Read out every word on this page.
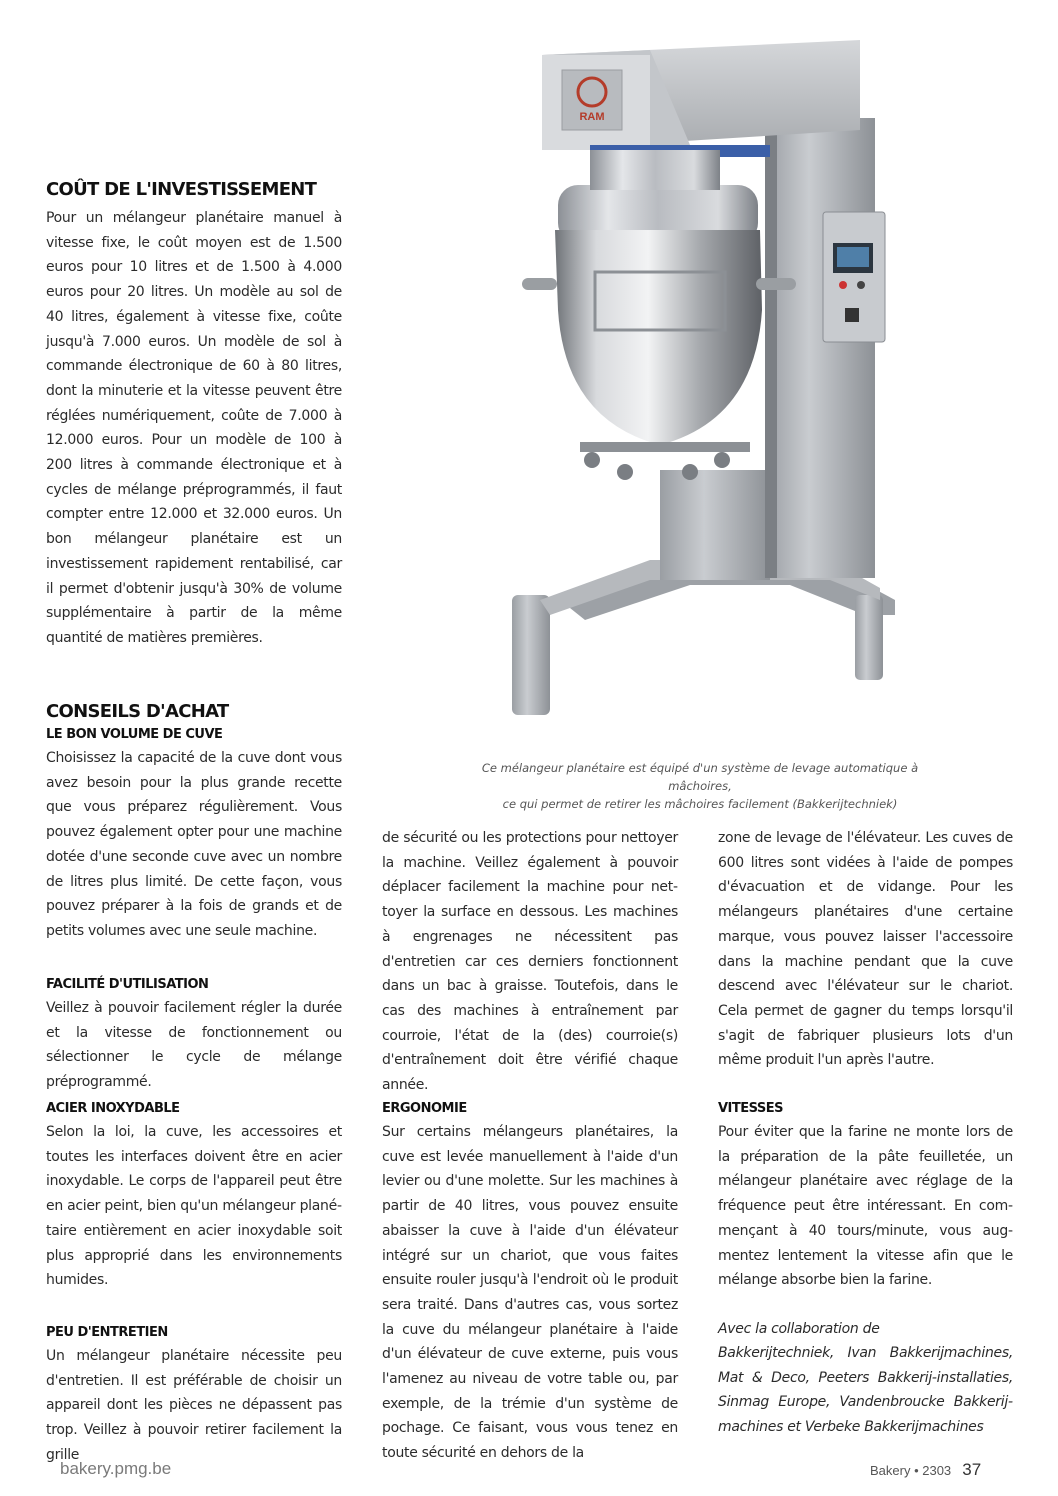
COÛT DE L'INVESTISSEMENT

Pour un mélangeur planétaire manuel à vitesse fixe, le coût moyen est de 1.500 euros pour 10 litres et de 1.500 à 4.000 euros pour 20 litres. Un modèle au sol de 40 litres, également à vitesse fixe, coûte jusqu'à 7.000 euros. Un modèle de sol à commande électronique de 60 à 80 litres, dont la minuterie et la vitesse peuvent être réglées numériquement, coûte de 7.000 à 12.000 euros. Pour un modèle de 100 à 200 litres à commande électronique et à cycles de mélange préprogrammés, il faut compter entre 12.000 et 32.000 euros. Un bon mélangeur planétaire est un investissement rapidement rentabilisé, car il permet d'obtenir jusqu'à 30% de volume supplémentaire à partir de la même quantité de matières premières.

CONSEILS D'ACHAT
LE BON VOLUME DE CUVE

Choisissez la capacité de la cuve dont vous avez besoin pour la plus grande recette que vous préparez régulièrement. Vous pouvez également opter pour une machine dotée d'une seconde cuve avec un nombre de litres plus limité. De cette façon, vous pouvez préparer à la fois de grands et de petits volumes avec une seule machine.

FACILITÉ D'UTILISATION

Veillez à pouvoir facilement régler la durée et la vitesse de fonctionnement ou sélectionner le cycle de mélange préprogrammé.

ACIER INOXYDABLE

Selon la loi, la cuve, les accessoires et toutes les interfaces doivent être en acier inoxydable. Le corps de l'appareil peut être en acier peint, bien qu'un mélangeur planétaire entièrement en acier inoxydable soit plus approprié dans les environnements humides.

PEU D'ENTRETIEN

Un mélangeur planétaire nécessite peu d'entretien. Il est préférable de choisir un appareil dont les pièces ne dépassent pas trop. Veillez à pouvoir retirer facilement la grille

de sécurité ou les protections pour nettoyer la machine. Veillez également à pouvoir déplacer facilement la machine pour nettoyer la surface en dessous. Les machines à engrenages ne nécessitent pas d'entretien car ces derniers fonctionnent dans un bac à graisse. Toutefois, dans le cas des machines à entraînement par courroie, l'état de la (des) courroie(s) d'entraînement doit être vérifié chaque année.

ERGONOMIE

Sur certains mélangeurs planétaires, la cuve est levée manuellement à l'aide d'un levier ou d'une molette. Sur les machines à partir de 40 litres, vous pouvez ensuite abaisser la cuve à l'aide d'un élévateur intégré sur un chariot, que vous faites ensuite rouler jusqu'à l'endroit où le produit sera traité. Dans d'autres cas, vous sortez la cuve du mélangeur planétaire à l'aide d'un élévateur de cuve externe, puis vous l'amenez au niveau de votre table ou, par exemple, de la trémie d'un système de pochage. Ce faisant, vous vous tenez en toute sécurité en dehors de la

zone de levage de l'élévateur. Les cuves de 600 litres sont vidées à l'aide de pompes d'évacuation et de vidange. Pour les mélangeurs planétaires d'une certaine marque, vous pouvez laisser l'accessoire dans la machine pendant que la cuve descend avec l'élévateur sur le chariot. Cela permet de gagner du temps lorsqu'il s'agit de fabriquer plusieurs lots d'un même produit l'un après l'autre.

VITESSES

Pour éviter que la farine ne monte lors de la préparation de la pâte feuilletée, un mélangeur planétaire avec réglage de la fréquence peut être intéressant. En commençant à 40 tours/minute, vous augmentez lentement la vitesse afin que le mélange absorbe bien la farine.

Avec la collaboration de

Bakkerijtechniek, Ivan Bakkerijmachines, Mat & Deco, Peeters Bakkerij-installaties, Sinmag Europe, Vandenbroucke Bakkerijmachines et Verbeke Bakkerijmachines

RAM

Ce mélangeur planétaire est équipé d'un système de levage automatique à mâchoires,

ce qui permet de retirer les mâchoires facilement (Bakkerijtechniek)

bakery.pmg.be	Bakery • 2303 37
